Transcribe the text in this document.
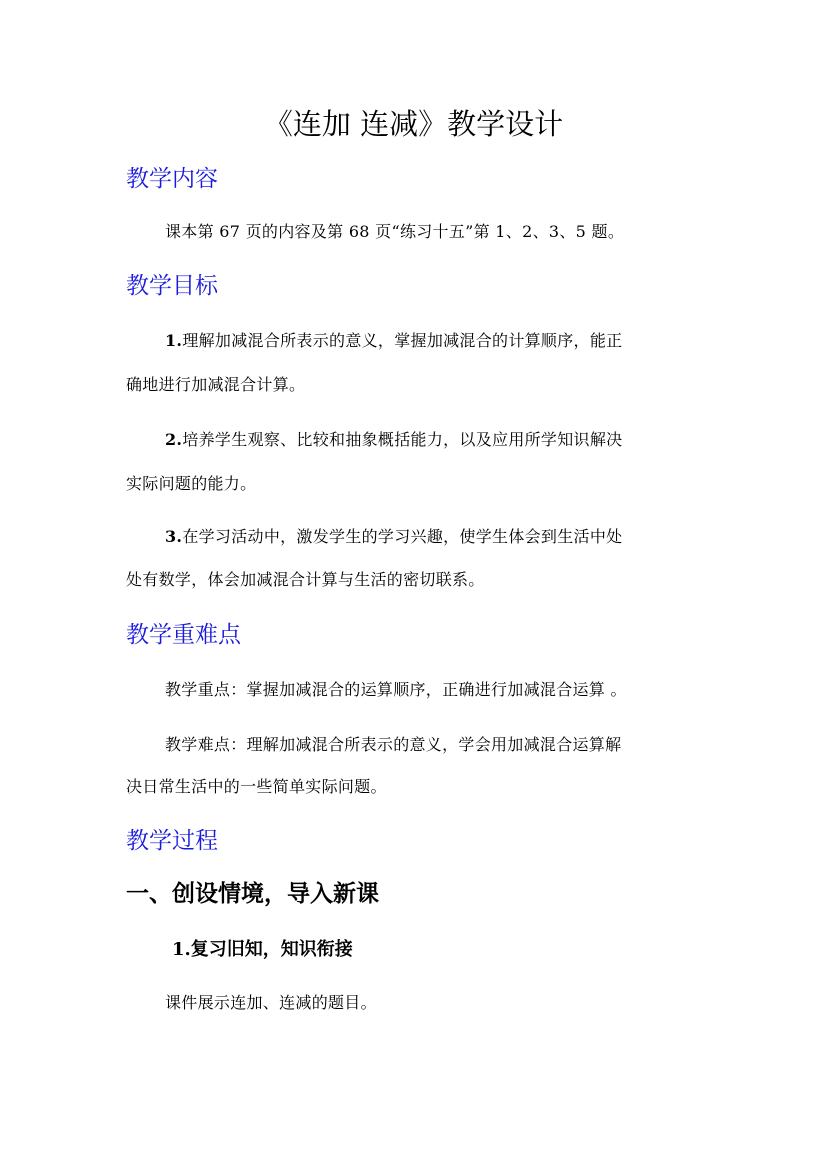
《连加 连减》教学设计
教学内容
课本第 67 页的内容及第 68 页“练习十五”第 1、2、3、5 题。
教学目标
1.理解加减混合所表示的意义，掌握加减混合的计算顺序，能正
确地进行加减混合计算。
2.培养学生观察、比较和抽象概括能力，以及应用所学知识解决
实际问题的能力。
3.在学习活动中，激发学生的学习兴趣，使学生体会到生活中处
处有数学，体会加减混合计算与生活的密切联系。
教学重难点
教学重点：掌握加减混合的运算顺序，正确进行加减混合运算 。
教学难点：理解加减混合所表示的意义，学会用加减混合运算解
决日常生活中的一些简单实际问题。
教学过程
一、创设情境，导入新课
1.复习旧知，知识衔接
课件展示连加、连减的题目。
